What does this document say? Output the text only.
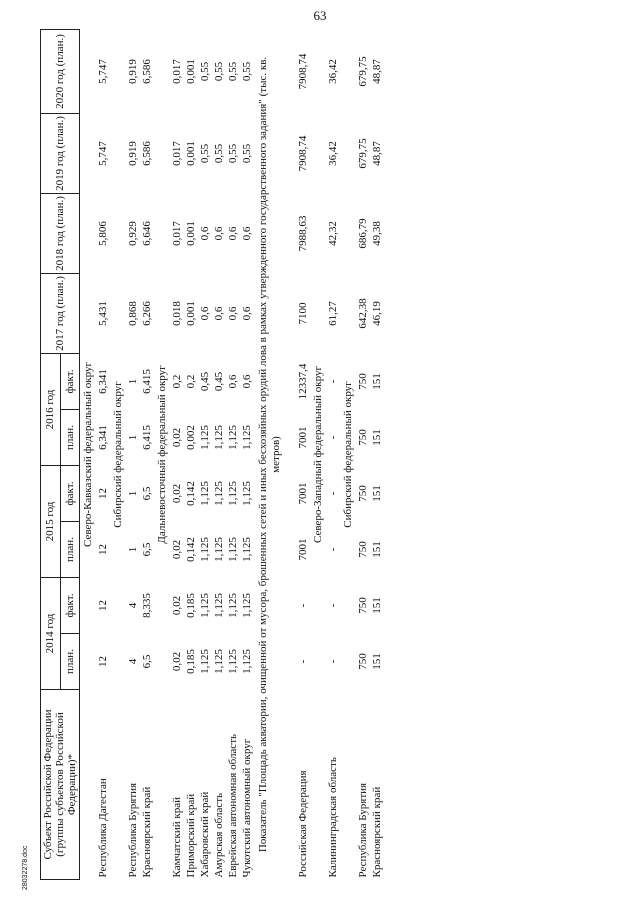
63
28032278.doc
Субъект Российской Федерации (группы субъектов Российской Федерации)*	2014 год		2015 год		2016 год		2017 год (план.)	2018 год (план.)	2019 год (план.)	2020 год (план.)
	план.	факт.	план.	факт.	план.	факт.				
Северо-Кавказский федеральный округ										
Республика Дагестан	12	12	12	12	6,341	6,341	5,431	5,806	5,747	5,747
Сибирский федеральный округ										
Республика Бурятия	4	4	1	1	1	1	0,868	0,929	0,919	0,919
Красноярский край	6,5	8,335	6,5	6,5	6,415	6,415	6,266	6,646	6,586	6,586
Дальневосточный федеральный округ										
Камчатский край	0,02	0,02	0,02	0,02	0,02	0,2	0,018	0,017	0,017	0,017
Приморский край	0,185	0,185	0,142	0,142	0,002	0,2	0,001	0,001	0,001	0,001
Хабаровский край	1,125	1,125	1,125	1,125	1,125	0,45	0,6	0,6	0,55	0,55
Амурская область	1,125	1,125	1,125	1,125	1,125	0,45	0,6	0,6	0,55	0,55
Еврейская автономная область	1,125	1,125	1,125	1,125	1,125	0,6	0,6	0,6	0,55	0,55
Чукотский автономный округ	1,125	1,125	1,125	1,125	1,125	0,6	0,6	0,6	0,55	0,55
Показатель "Площадь акватории, очищенной от мусора, брошенных сетей и иных бесхозяйных орудий лова в рамках утвержденного государственного задания" (тыс. кв. метров)										

Российская Федерация	-	-	7001	7001	7001	12337,4	7100	7988,63	7908,74	7908,74
Северо-Западный федеральный округ										
Калининградская область	-	-	-	-	-	-	61,27	42,32	36,42	36,42
Сибирский федеральный округ										
Республика Бурятия	750	750	750	750	750	750	642,38	686,79	679,75	679,75
Красноярский край	151	151	151	151	151	151	46,19	49,38	48,87	48,87
